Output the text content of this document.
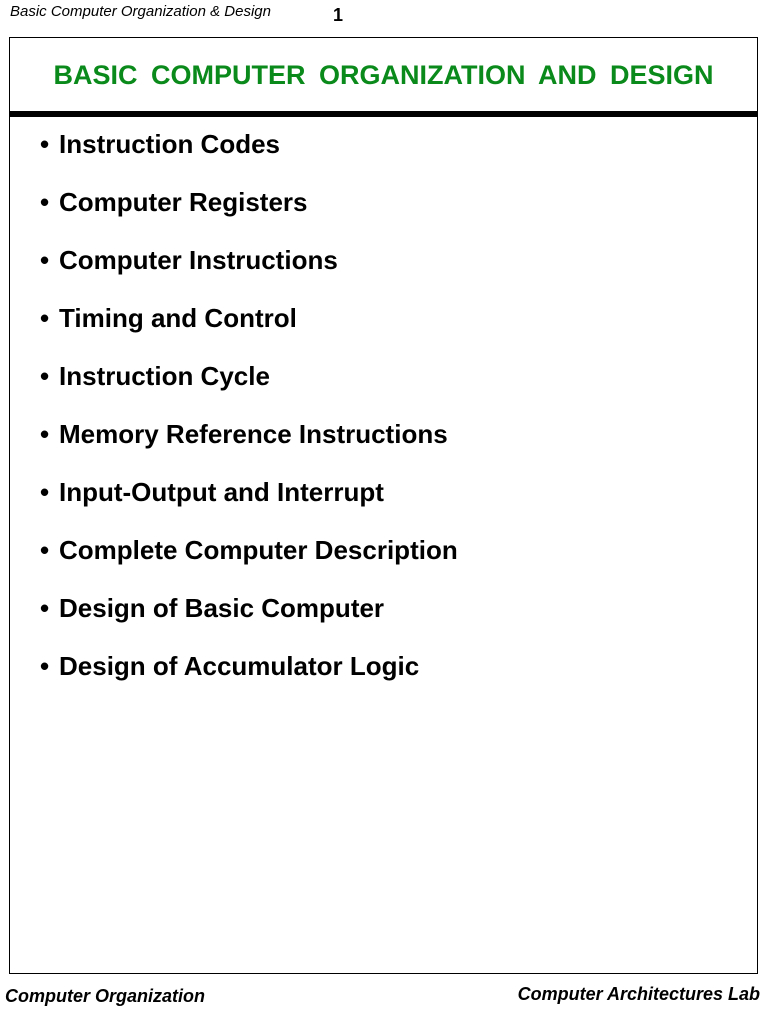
Basic Computer Organization & Design	1
BASIC COMPUTER ORGANIZATION AND DESIGN
• Instruction Codes
• Computer Registers
• Computer Instructions
• Timing and Control
• Instruction Cycle
• Memory Reference Instructions
• Input-Output and Interrupt
• Complete Computer Description
• Design of Basic Computer
• Design of Accumulator Logic
Computer Organization	Computer Architectures Lab
